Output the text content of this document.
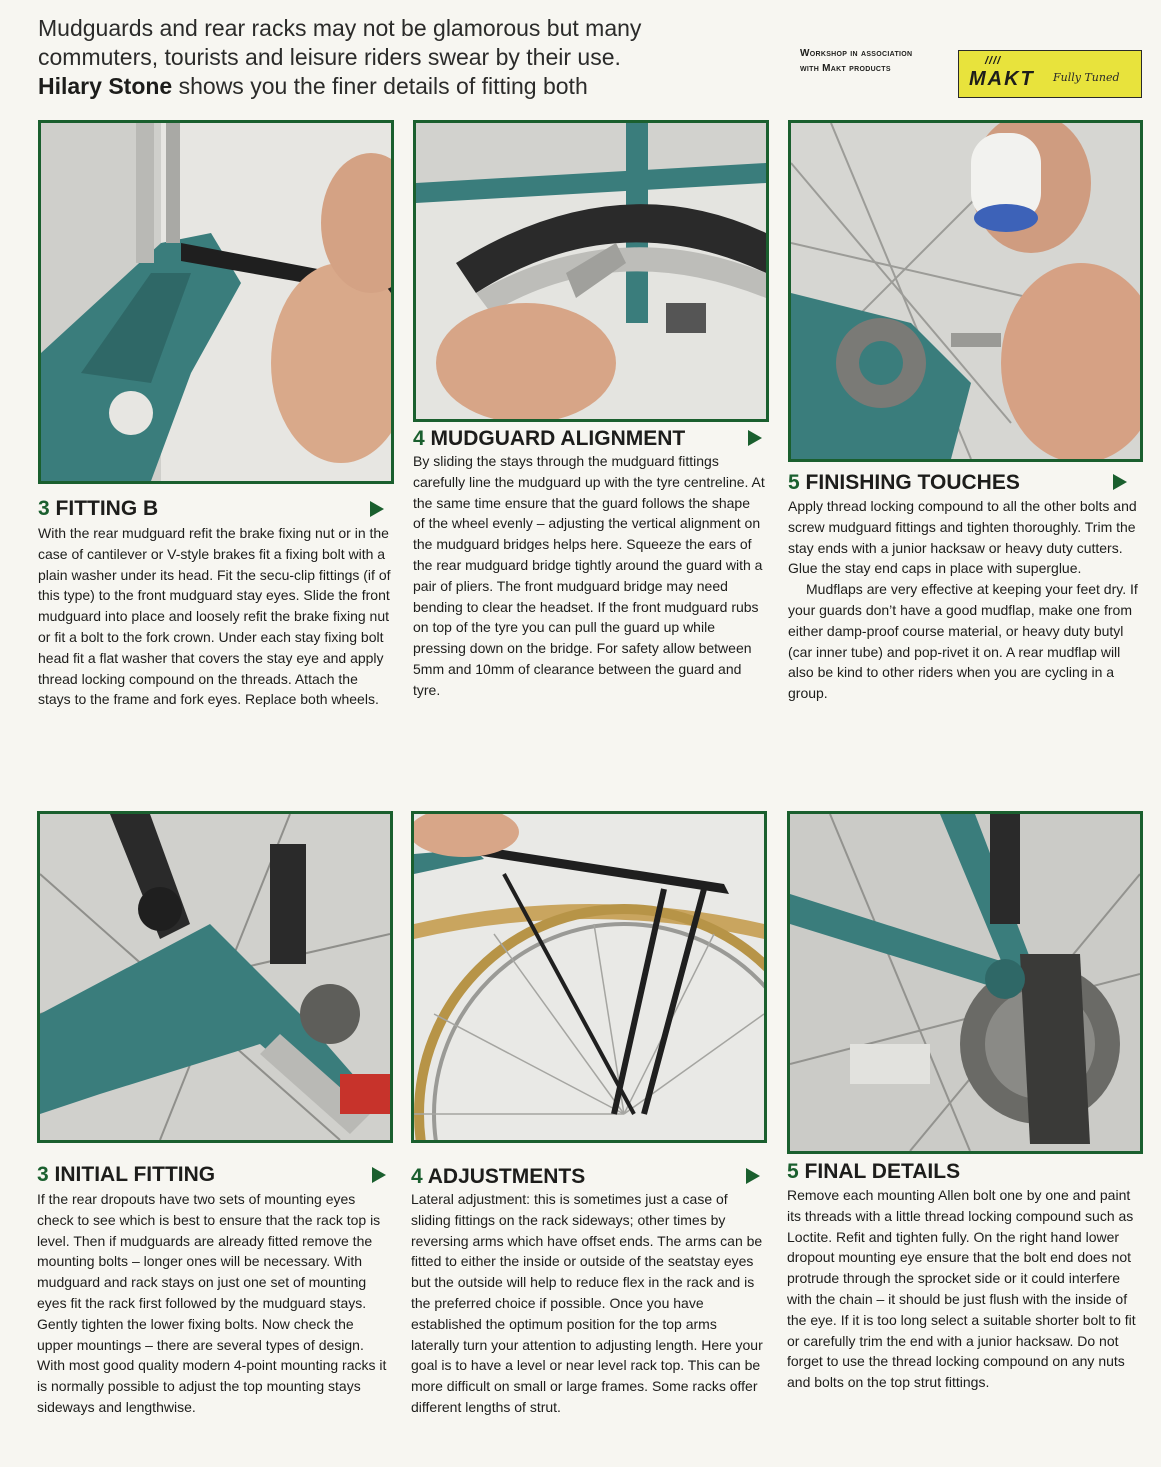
Mudguards and rear racks may not be glamorous but many
commuters, tourists and leisure riders swear by their use.
Hilary Stone shows you the finer details of fitting both
Workshop in association
with Makt products
////
MAKT Fully Tuned
3 FITTING B

With the rear mudguard refit the brake fixing nut or in the case of cantilever or V-style brakes fit a fixing bolt with a plain washer under its head. Fit the secu-clip fittings (if of this type) to the front mudguard stay eyes. Slide the front mudguard into place and loosely refit the brake fixing nut or fit a bolt to the fork crown. Under each stay fixing bolt head fit a flat washer that covers the stay eye and apply thread locking compound on the threads. Attach the stays to the frame and fork eyes. Replace both wheels.

4 MUDGUARD ALIGNMENT

By sliding the stays through the mudguard fittings carefully line the mudguard up with the tyre centreline. At the same time ensure that the guard follows the shape of the wheel evenly – adjusting the vertical alignment on the mudguard bridges helps here. Squeeze the ears of the rear mudguard bridge tightly around the guard with a pair of pliers. The front mudguard bridge may need bending to clear the headset. If the front mudguard rubs on top of the tyre you can pull the guard up while pressing down on the bridge. For safety allow between 5mm and 10mm of clearance between the guard and tyre.

5 FINISHING TOUCHES

Apply thread locking compound to all the other bolts and screw mudguard fittings and tighten thoroughly. Trim the stay ends with a junior hacksaw or heavy duty cutters. Glue the stay end caps in place with superglue.

Mudflaps are very effective at keeping your feet dry. If your guards don’t have a good mudflap, make one from either damp-proof course material, or heavy duty butyl (car inner tube) and pop-rivet it on. A rear mudflap will also be kind to other riders when you are cycling in a group.

3 INITIAL FITTING

If the rear dropouts have two sets of mounting eyes check to see which is best to ensure that the rack top is level. Then if mudguards are already fitted remove the mounting bolts – longer ones will be necessary. With mudguard and rack stays on just one set of mounting eyes fit the rack first followed by the mudguard stays. Gently tighten the lower fixing bolts. Now check the upper mountings – there are several types of design. With most good quality modern 4-point mounting racks it is normally possible to adjust the top mounting stays sideways and lengthwise.

4 ADJUSTMENTS

Lateral adjustment: this is sometimes just a case of sliding fittings on the rack sideways; other times by reversing arms which have offset ends. The arms can be fitted to either the inside or outside of the seatstay eyes but the outside will help to reduce flex in the rack and is the preferred choice if possible. Once you have established the optimum position for the top arms laterally turn your attention to adjusting length. Here your goal is to have a level or near level rack top. This can be more difficult on small or large frames. Some racks offer different lengths of strut.

5 FINAL DETAILS

Remove each mounting Allen bolt one by one and paint its threads with a little thread locking compound such as Loctite. Refit and tighten fully. On the right hand lower dropout mounting eye ensure that the bolt end does not protrude through the sprocket side or it could interfere with the chain – it should be just flush with the inside of the eye. If it is too long select a suitable shorter bolt to fit or carefully trim the end with a junior hacksaw. Do not forget to use the thread locking compound on any nuts and bolts on the top strut fittings.
